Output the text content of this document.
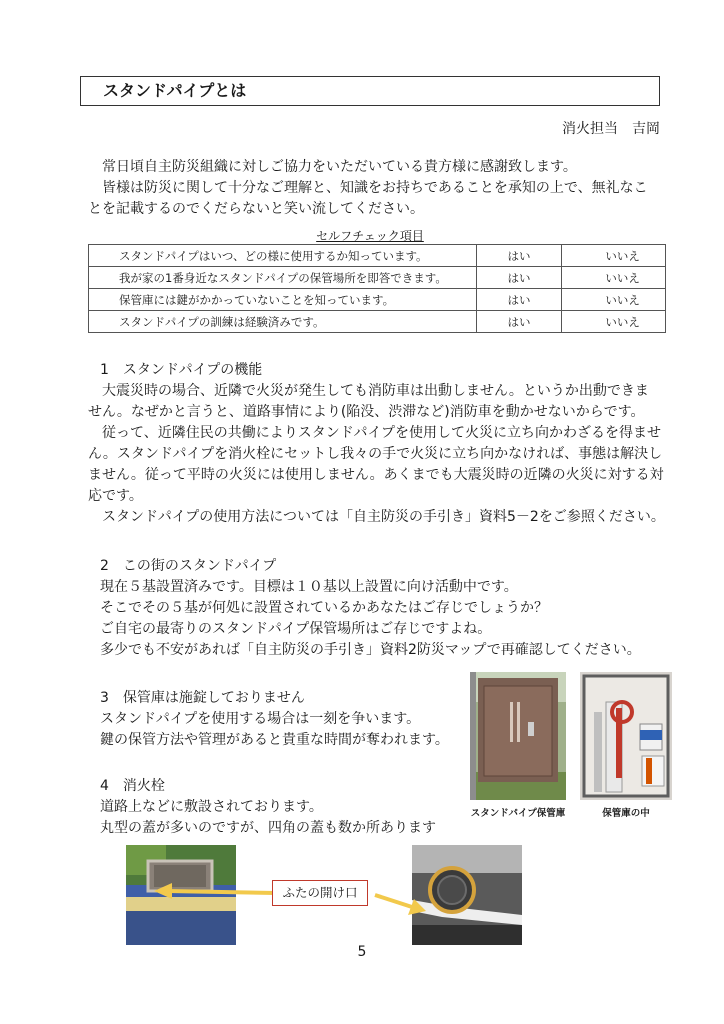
スタンドパイプとは
消火担当　吉岡
常日頃自主防災組織に対しご協力をいただいている貴方様に感謝致します。
皆様は防災に関して十分なご理解と、知識をお持ちであることを承知の上で、無礼なこ
とを記載するのでくだらないと笑い流してください。
セルフチェック項目
スタンドパイプはいつ、どの様に使用するか知っています。	はい	いいえ
我が家の1番身近なスタンドパイプの保管場所を即答できます。	はい	いいえ
保管庫には鍵がかかっていないことを知っています。	はい	いいえ
スタンドパイプの訓練は経験済みです。	はい	いいえ
1　スタンドパイプの機能
大震災時の場合、近隣で火災が発生しても消防車は出動しません。というか出動できま
せん。なぜかと言うと、道路事情により(陥没、渋滞など)消防車を動かせないからです。
従って、近隣住民の共働によりスタンドパイプを使用して火災に立ち向かわざるを得ませ
ん。スタンドパイプを消火栓にセットし我々の手で火災に立ち向かなければ、事態は解決し
ません。従って平時の火災には使用しません。あくまでも大震災時の近隣の火災に対する対
応です。
スタンドパイプの使用方法については「自主防災の手引き」資料5－2をご参照ください。
2　この街のスタンドパイプ
現在５基設置済みです。目標は１０基以上設置に向け活動中です。
そこでその５基が何処に設置されているかあなたはご存じでしょうか？
ご自宅の最寄りのスタンドパイプ保管場所はご存じですよね。
多少でも不安があれば「自主防災の手引き」資料2防災マップで再確認してください。
3　保管庫は施錠しておりません
スタンドパイプを使用する場合は一刻を争います。
鍵の保管方法や管理があると貴重な時間が奪われます。
4　消火栓
道路上などに敷設されております。
丸型の蓋が多いのですが、四角の蓋も数か所あります
スタンドパイプ保管庫	保管庫の中
ふたの開け口
5
